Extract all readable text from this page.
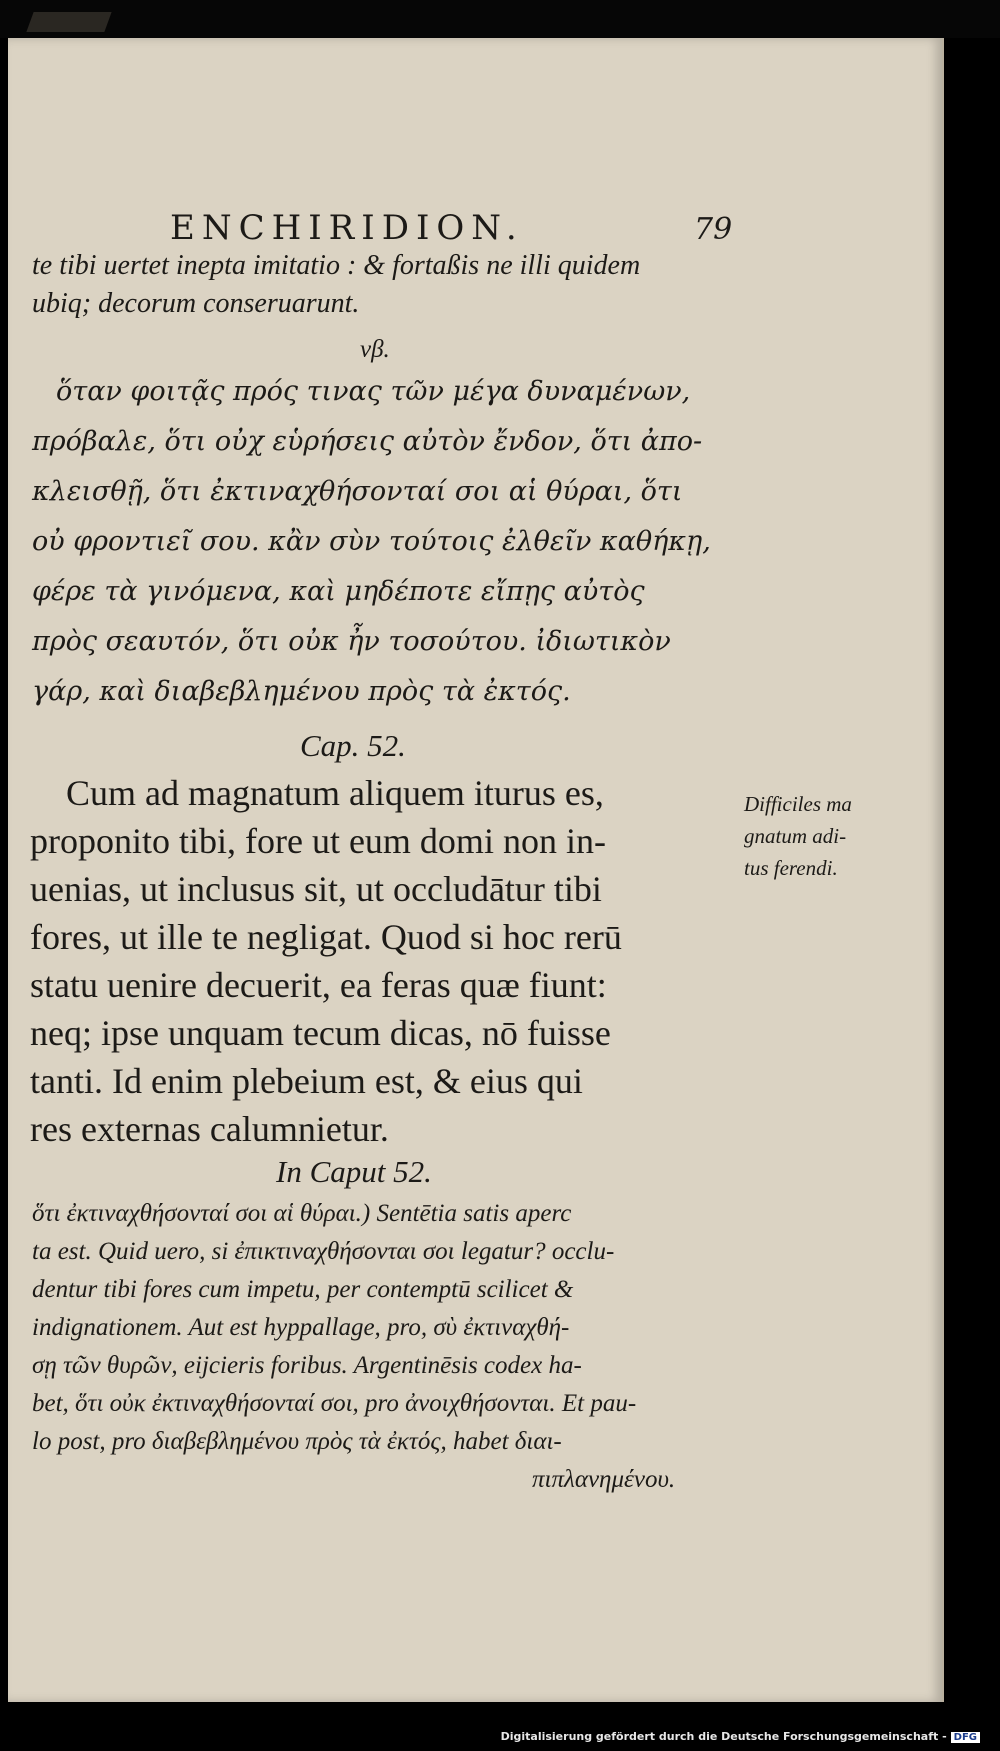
ENCHIRIDION.	79
te tibi uertet inepta imitatio : & fortaßis ne illi quidem
ubiq; decorum conseruarunt.
νβ.
ὅταν φοιτᾷς πρός τινας τῶν μέγα δυναμένων,
πρόβαλε, ὅτι οὐχ εὑρήσεις αὐτὸν ἔνδον, ὅτι ἀπο-
κλεισθῇ, ὅτι ἐκτιναχθήσονταί σοι αἱ θύραι, ὅτι
οὐ φροντιεῖ σου. κἂν σὺν τούτοις ἐλθεῖν καθήκῃ,
φέρε τὰ γινόμενα, καὶ μηδέποτε εἴπῃς αὐτὸς
πρὸς σεαυτόν, ὅτι οὐκ ἦν τοσούτου. ἰδιωτικὸν
γάρ, καὶ διαβεβλημένου πρὸς τὰ ἐκτός.
Cap. 52.
Cum ad magnatum aliquem iturus es,
proponito tibi, fore ut eum domi non in-
uenias, ut inclusus sit, ut occludātur tibi
fores, ut ille te negligat. Quod si hoc rerū
statu uenire decuerit, ea feras quæ fiunt:
neq; ipse unquam tecum dicas, nō fuisse
tanti. Id enim plebeium est, & eius qui
res externas calumnietur.
Difficiles ma
gnatum adi-
tus ferendi.
In Caput 52.
ὅτι ἐκτιναχθήσονταί σοι αἱ θύραι.) Sentētia satis aperc
ta est. Quid uero, si ἐπικτιναχθήσονται σοι legatur? occlu-
dentur tibi fores cum impetu, per contemptū scilicet &
indignationem. Aut est hyppallage, pro, σὺ ἐκτιναχθή-
σῃ τῶν θυρῶν, eijcieris foribus. Argentinēsis codex ha-
bet, ὅτι οὐκ ἐκτιναχθήσονταί σοι, pro ἀνοιχθήσονται. Et pau-
lo post, pro διαβεβλημένου πρὸς τὰ ἐκτός, habet διαι-
πιπλανημένου.
Digitalisierung gefördert durch die Deutsche Forschungsgemeinschaft - DFG
